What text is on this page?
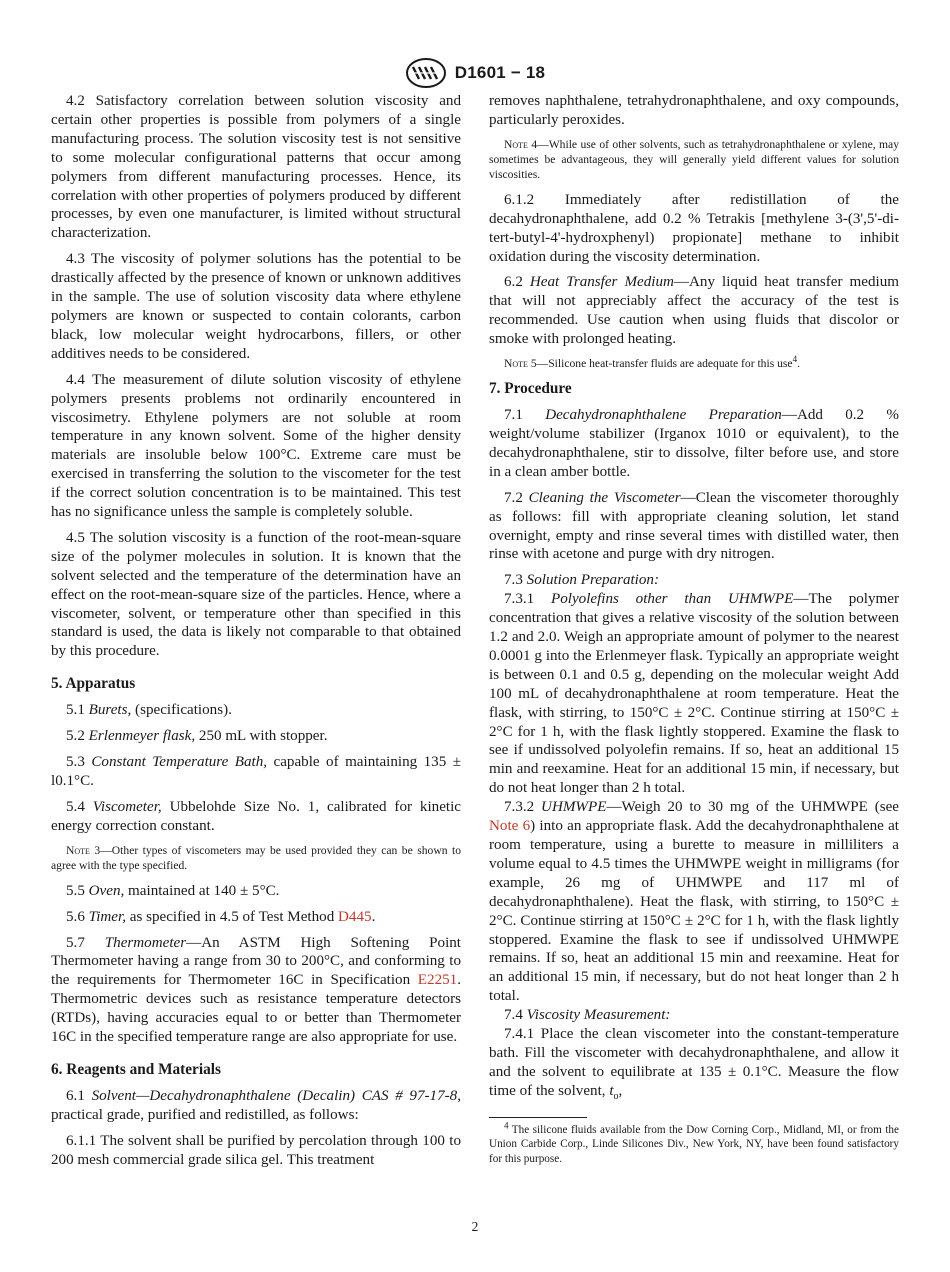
D1601 − 18

4.2 Satisfactory correlation between solution viscosity and certain other properties is possible from polymers of a single manufacturing process. The solution viscosity test is not sensitive to some molecular configurational patterns that occur among polymers from different manufacturing processes. Hence, its correlation with other properties of polymers produced by different processes, by even one manufacturer, is limited without structural characterization.

4.3 The viscosity of polymer solutions has the potential to be drastically affected by the presence of known or unknown additives in the sample. The use of solution viscosity data where ethylene polymers are known or suspected to contain colorants, carbon black, low molecular weight hydrocarbons, fillers, or other additives needs to be considered.

4.4 The measurement of dilute solution viscosity of ethylene polymers presents problems not ordinarily encountered in viscosimetry. Ethylene polymers are not soluble at room temperature in any known solvent. Some of the higher density materials are insoluble below 100°C. Extreme care must be exercised in transferring the solution to the viscometer for the test if the correct solution concentration is to be maintained. This test has no significance unless the sample is completely soluble.

4.5 The solution viscosity is a function of the root-mean-square size of the polymer molecules in solution. It is known that the solvent selected and the temperature of the determination have an effect on the root-mean-square size of the particles. Hence, where a viscometer, solvent, or temperature other than specified in this standard is used, the data is likely not comparable to that obtained by this procedure.

5. Apparatus

5.1 Burets, (specifications).

5.2 Erlenmeyer flask, 250 mL with stopper.

5.3 Constant Temperature Bath, capable of maintaining 135 ± l0.1°C.

5.4 Viscometer, Ubbelohde Size No. 1, calibrated for kinetic energy correction constant.

Note 3—Other types of viscometers may be used provided they can be shown to agree with the type specified.

5.5 Oven, maintained at 140 ± 5°C.

5.6 Timer, as specified in 4.5 of Test Method D445.

5.7 Thermometer—An ASTM High Softening Point Thermometer having a range from 30 to 200°C, and conforming to the requirements for Thermometer 16C in Specification E2251. Thermometric devices such as resistance temperature detectors (RTDs), having accuracies equal to or better than Thermometer 16C in the specified temperature range are also appropriate for use.

6. Reagents and Materials

6.1 Solvent—Decahydronaphthalene (Decalin) CAS # 97-17-8, practical grade, purified and redistilled, as follows:

6.1.1 The solvent shall be purified by percolation through 100 to 200 mesh commercial grade silica gel. This treatment

removes naphthalene, tetrahydronaphthalene, and oxy compounds, particularly peroxides.

Note 4—While use of other solvents, such as tetrahydronaphthalene or xylene, may sometimes be advantageous, they will generally yield different values for solution viscosities.

6.1.2 Immediately after redistillation of the decahydronaphthalene, add 0.2 % Tetrakis [methylene 3-(3',5'-di-tert-butyl-4'-hydroxphenyl) propionate] methane to inhibit oxidation during the viscosity determination.

6.2 Heat Transfer Medium—Any liquid heat transfer medium that will not appreciably affect the accuracy of the test is recommended. Use caution when using fluids that discolor or smoke with prolonged heating.

Note 5—Silicone heat-transfer fluids are adequate for this use$^4$.
7. Procedure

7.1 Decahydronaphthalene Preparation—Add 0.2 % weight/volume stabilizer (Irganox 1010 or equivalent), to the decahydronaphthalene, stir to dissolve, filter before use, and store in a clean amber bottle.

7.2 Cleaning the Viscometer—Clean the viscometer thoroughly as follows: fill with appropriate cleaning solution, let stand overnight, empty and rinse several times with distilled water, then rinse with acetone and purge with dry nitrogen.

7.3 Solution Preparation:

7.3.1 Polyolefins other than UHMWPE—The polymer concentration that gives a relative viscosity of the solution between 1.2 and 2.0. Weigh an appropriate amount of polymer to the nearest 0.0001 g into the Erlenmeyer flask. Typically an appropriate weight is between 0.1 and 0.5 g, depending on the molecular weight Add 100 mL of decahydronaphthalene at room temperature. Heat the flask, with stirring, to 150°C ± 2°C. Continue stirring at 150°C ± 2°C for 1 h, with the flask lightly stoppered. Examine the flask to see if undissolved polyolefin remains. If so, heat an additional 15 min and reexamine. Heat for an additional 15 min, if necessary, but do not heat longer than 2 h total.

7.3.2 UHMWPE—Weigh 20 to 30 mg of the UHMWPE (see Note 6) into an appropriate flask. Add the decahydronaphthalene at room temperature, using a burette to measure in milliliters a volume equal to 4.5 times the UHMWPE weight in milligrams (for example, 26 mg of UHMWPE and 117 ml of decahydronaphthalene). Heat the flask, with stirring, to 150°C ± 2°C. Continue stirring at 150°C ± 2°C for 1 h, with the flask lightly stoppered. Examine the flask to see if undissolved UHMWPE remains. If so, heat an additional 15 min and reexamine. Heat for an additional 15 min, if necessary, but do not heat longer than 2 h total.

7.4 Viscosity Measurement:

7.4.1 Place the clean viscometer into the constant-temperature bath. Fill the viscometer with decahydronaphthalene, and allow it and the solvent to equilibrate at 135 ± 0.1°C. Measure the flow time of the solvent, $t_o$,

$^4$ The silicone fluids available from the Dow Corning Corp., Midland, MI, or from the Union Carbide Corp., Linde Silicones Div., New York, NY, have been found satisfactory for this purpose.

2
